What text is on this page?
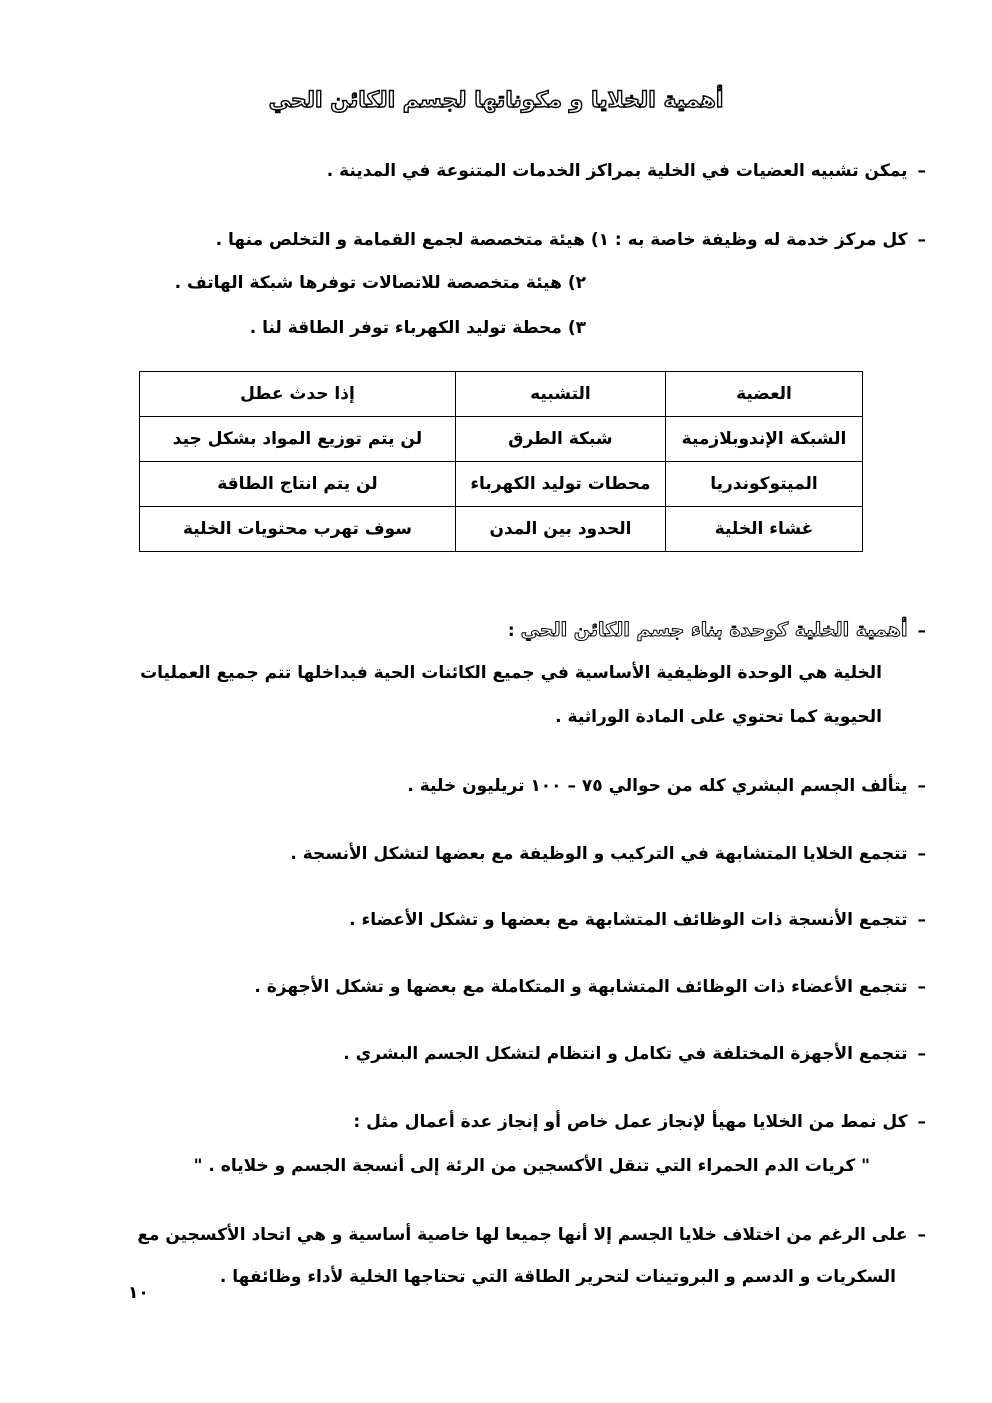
أهمية الخلايا و مكوناتها لجسم الكائن الحي
–يمكن تشبيه العضيات في الخلية بمراكز الخدمات المتنوعة في المدينة .
–كل مركز خدمة له وظيفة خاصة به : ١) هيئة متخصصة لجمع القمامة و التخلص منها .
٢) هيئة متخصصة للاتصالات توفرها شبكة الهاتف .
٣) محطة توليد الكهرباء توفر الطاقة لنا .
العضية	التشبيه	إذا حدث عطل
الشبكة الإندوبلازمية	شبكة الطرق	لن يتم توزيع المواد بشكل جيد
الميتوكوندريا	محطات توليد الكهرباء	لن يتم انتاج الطاقة
غشاء الخلية	الحدود بين المدن	سوف تهرب محتويات الخلية
–أهمية الخلية كوحدة بناء جسم الكائن الحي :
الخلية هي الوحدة الوظيفية الأساسية في جميع الكائنات الحية فبداخلها تتم جميع العمليات
الحيوية كما تحتوي على المادة الوراثية .
–يتألف الجسم البشري كله من حوالي ٧٥ – ١٠٠ تريليون خلية .
–تتجمع الخلايا المتشابهة في التركيب و الوظيفة مع بعضها لتشكل الأنسجة .
–تتجمع الأنسجة ذات الوظائف المتشابهة مع بعضها و تشكل الأعضاء .
–تتجمع الأعضاء ذات الوظائف المتشابهة و المتكاملة مع بعضها و تشكل الأجهزة .
–تتجمع الأجهزة المختلفة في تكامل و انتظام لتشكل الجسم البشري .
–كل نمط من الخلايا مهيأ لإنجاز عمل خاص أو إنجاز عدة أعمال مثل :
" كريات الدم الحمراء التي تنقل الأكسجين من الرئة إلى أنسجة الجسم و خلاياه . "
–على الرغم من اختلاف خلايا الجسم إلا أنها جميعا لها خاصية أساسية و هي اتحاد الأكسجين مع
السكريات و الدسم و البروتينات لتحرير الطاقة التي تحتاجها الخلية لأداء وظائفها .
١٠
